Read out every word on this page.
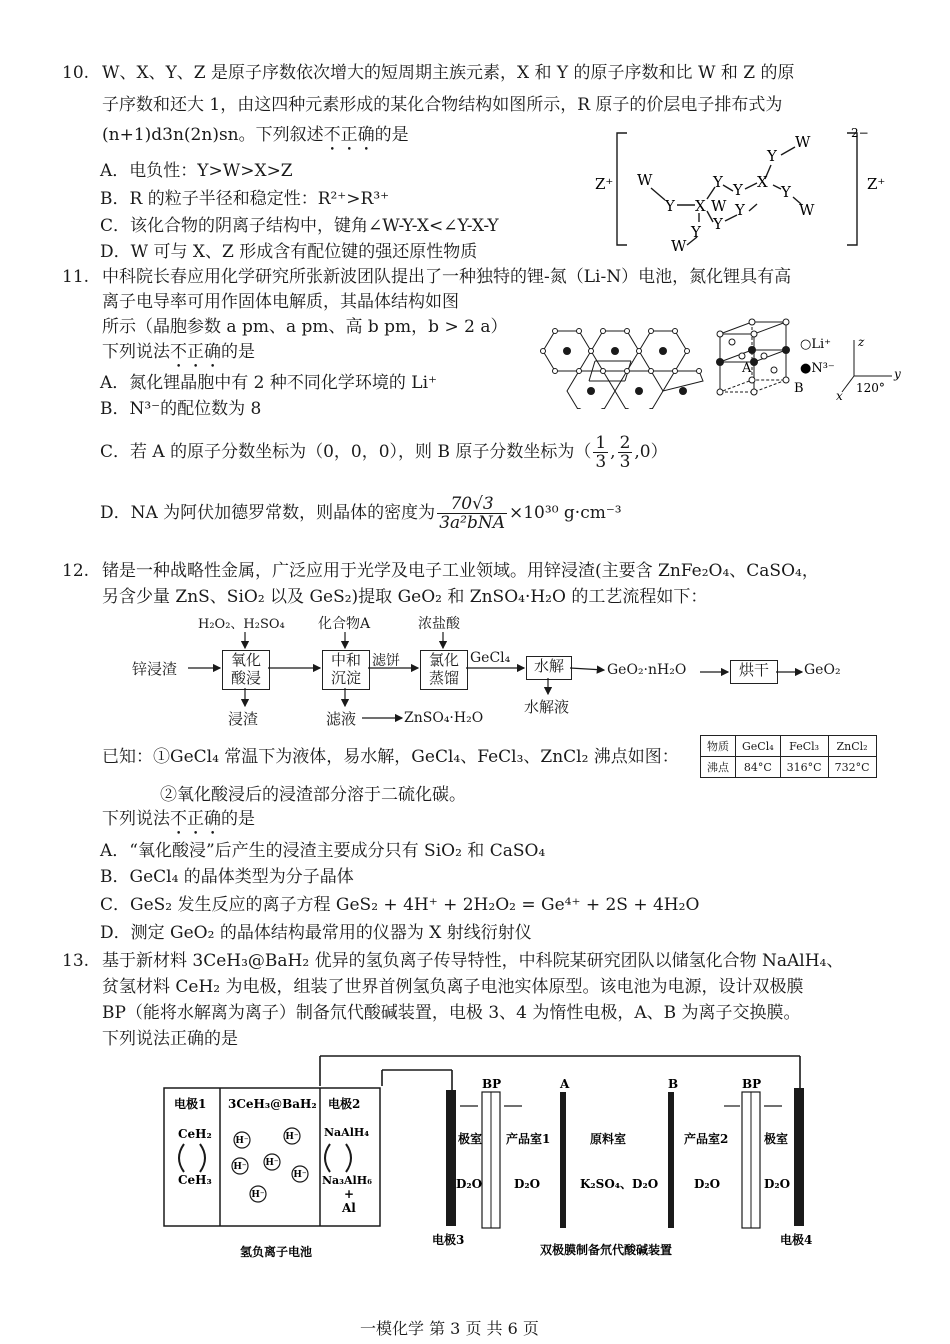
10. W、X、Y、Z 是原子序数依次增大的短周期主族元素，X 和 Y 的原子序数和比 W 和 Z 的原
子序数和还大 1，由这四种元素形成的某化合物结构如图所示，R 原子的价层电子排布式为
(n+1)d3n(2n)sn。下列叙述不正确的是
A．电负性：Y>W>X>Z
B．R 的粒子半径和稳定性：R²⁺>R³⁺
C．该化合物的阴离子结构中，键角∠W-Y-X<∠Y-X-Y
D．W 可与 X、Z 形成含有配位键的强还原性物质
Z⁺	Z⁺
2−
W
Y X
Y Y
Y
Y
Y
W
W
X
Y
W
Y
W
11. 中科院长春应用化学研究所张新波团队提出了一种独特的锂-氮（Li-N）电池，氮化锂具有高
离子电导率可用作固体电解质，其晶体结构如图
所示（晶胞参数 a pm、a pm、高 b pm，b > 2 a）
下列说法不正确的是
A．氮化锂晶胞中有 2 种不同化学环境的 Li⁺
B．N³⁻的配位数为 8
C．若 A 的原子分数坐标为（0，0，0），则 B 原子分数坐标为（ $\frac{1}{3}$ , $\frac{2}{3} ,0$）
D．NA 为阿伏加德罗常数，则晶体的密度为 $\frac{70√3}{\text{3a²bNA}} \times 10^{30}$ g·cm⁻³
A
B
○Li⁺
●N³⁻
z
y
x
120°
12. 锗是一种战略性金属，广泛应用于光学及电子工业领域。用锌浸渣(主要含 ZnFe₂O₄、CaSO₄，
另含少量 ZnS、SiO₂ 以及 GeS₂)提取 GeO₂ 和 ZnSO₄·H₂O 的工艺流程如下：
H₂O₂、H₂SO₄ 化合物A	浓盐酸
锌浸渣	氧化
酸浸
中和
沉淀
氯化
蒸馏
水解	烘干
滤饼	GeCl₄
GeO₂·nH₂O	GeO₂
浸渣	滤液	ZnSO₄·H₂O
水解液
已知：①GeCl₄ 常温下为液体，易水解，GeCl₄、FeCl₃、ZnCl₂ 沸点如图：
物质	GeCl₄	FeCl₃	ZnCl₂
沸点	84°C	316°C	732°C
②氧化酸浸后的浸渣部分溶于二硫化碳。
下列说法不正确的是
A．“氧化酸浸”后产生的浸渣主要成分只有 SiO₂ 和 CaSO₄
B．GeCl₄ 的晶体类型为分子晶体
C．GeS₂ 发生反应的离子方程 GeS₂ + 4H⁺ + 2H₂O₂ = Ge⁴⁺ + 2S + 4H₂O
D．测定 GeO₂ 的晶体结构最常用的仪器为 X 射线衍射仪
13. 基于新材料 3CeH₃@BaH₂ 优异的氢负离子传导特性，中科院某研究团队以储氢化合物 NaAlH₄、
贫氢材料 CeH₂ 为电极，组装了世界首例氢负离子电池实体原型。该电池为电源，设计双极膜
BP（能将水解离为离子）制备氘代酸碱装置，电极 3、4 为惰性电极，A、B 为离子交换膜。
下列说法正确的是
电极1 3CeH₃@BaH₂ 电极2
CeH₂
CeH₃
NaAlH₄
Na₃AlH₆
+
Al
H⁻	H⁻
H⁻ H⁻
H⁻
H⁻
氢负离子电池
BP	A	B	BP
极室 产品室1	原料室	产品室2	极室
D₂O	D₂O	K₂SO₄、D₂O	D₂O	D₂O
电极3	电极4
双极膜制备氘代酸碱装置
一模化学 第 3 页 共 6 页
